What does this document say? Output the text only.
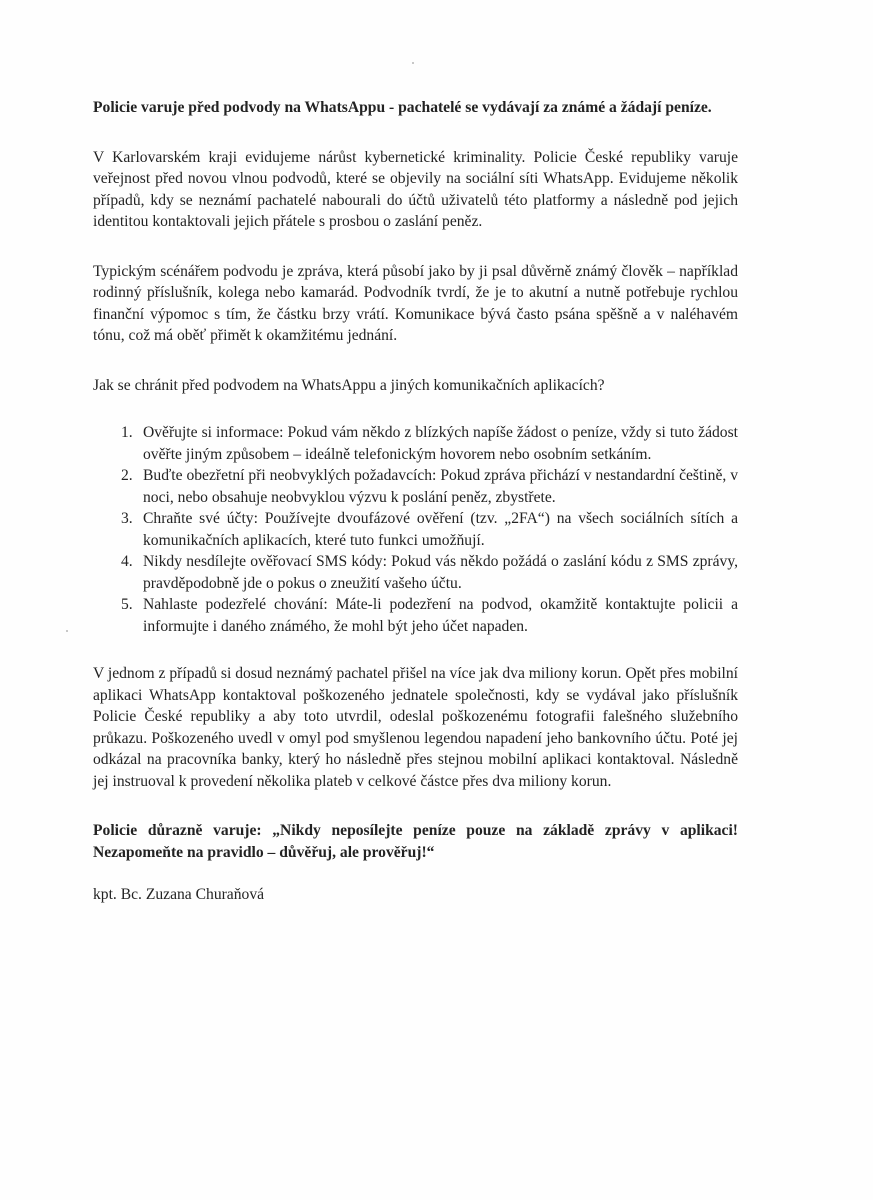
Policie varuje před podvody na WhatsAppu - pachatelé se vydávají za známé a žádají peníze.

V Karlovarském kraji evidujeme nárůst kybernetické kriminality. Policie České republiky varuje veřejnost před novou vlnou podvodů, které se objevily na sociální síti WhatsApp. Evidujeme několik případů, kdy se neznámí pachatelé nabourali do účtů uživatelů této platformy a následně pod jejich identitou kontaktovali jejich přátele s prosbou o zaslání peněz.

Typickým scénářem podvodu je zpráva, která působí jako by ji psal důvěrně známý člověk – například rodinný příslušník, kolega nebo kamarád. Podvodník tvrdí, že je to akutní a nutně potřebuje rychlou finanční výpomoc s tím, že částku brzy vrátí. Komunikace bývá často psána spěšně a v naléhavém tónu, což má oběť přimět k okamžitému jednání.

Jak se chránit před podvodem na WhatsAppu a jiných komunikačních aplikacích?

1. Ověřujte si informace: Pokud vám někdo z blízkých napíše žádost o peníze, vždy si tuto žádost ověřte jiným způsobem – ideálně telefonickým hovorem nebo osobním setkáním.
2. Buďte obezřetní při neobvyklých požadavcích: Pokud zpráva přichází v nestandardní češtině, v noci, nebo obsahuje neobvyklou výzvu k poslání peněz, zbystřete.
3. Chraňte své účty: Používejte dvoufázové ověření (tzv. „2FA“) na všech sociálních sítích a komunikačních aplikacích, které tuto funkci umožňují.
4. Nikdy nesdílejte ověřovací SMS kódy: Pokud vás někdo požádá o zaslání kódu z SMS zprávy, pravděpodobně jde o pokus o zneužití vašeho účtu.
5. Nahlaste podezřelé chování: Máte-li podezření na podvod, okamžitě kontaktujte policii a informujte i daného známého, že mohl být jeho účet napaden.

V jednom z případů si dosud neznámý pachatel přišel na více jak dva miliony korun. Opět přes mobilní aplikaci WhatsApp kontaktoval poškozeného jednatele společnosti, kdy se vydával jako příslušník Policie České republiky a aby toto utvrdil, odeslal poškozenému fotografii falešného služebního průkazu. Poškozeného uvedl v omyl pod smyšlenou legendou napadení jeho bankovního účtu. Poté jej odkázal na pracovníka banky, který ho následně přes stejnou mobilní aplikaci kontaktoval. Následně jej instruoval k provedení několika plateb v celkové částce přes dva miliony korun.

Policie důrazně varuje: „Nikdy neposílejte peníze pouze na základě zprávy v aplikaci! Nezapomeňte na pravidlo – důvěřuj, ale prověřuj!“

kpt. Bc. Zuzana Churaňová
